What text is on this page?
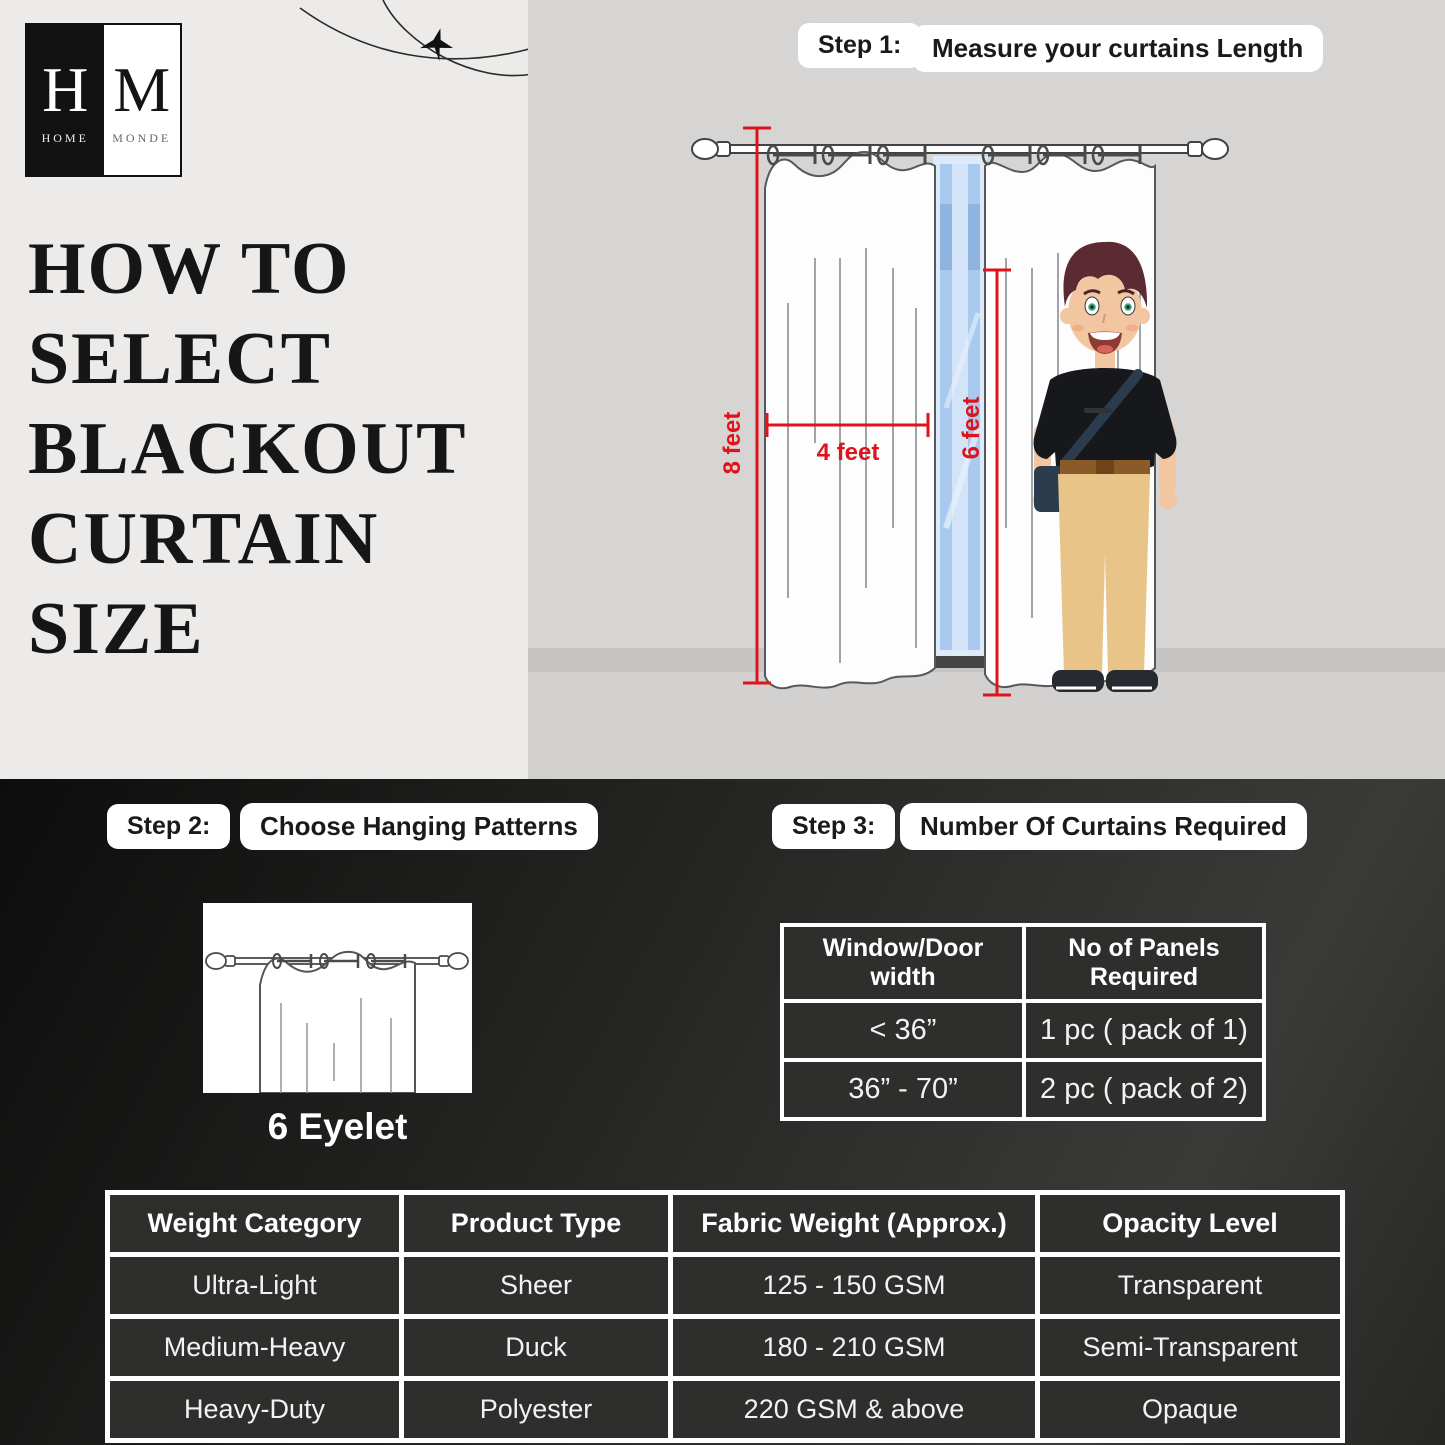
H
HOME
M
MONDE
HOW TO
SELECT
BLACKOUT
CURTAIN
SIZE
Step 1: Measure your curtains Length
8 feet	4 feet	6 feet
Step 2: Choose Hanging Patterns	Step 3: Number Of Curtains Required
6 Eyelet
Window/Door width	No of Panels Required

< 36”	1 pc ( pack of 1)
36” - 70”	2 pc ( pack of 2)
Weight Category	Product Type	Fabric Weight (Approx.)	Opacity Level
Ultra-Light	Sheer	125 - 150 GSM	Transparent
Medium-Heavy	Duck	180 - 210 GSM	Semi-Transparent
Heavy-Duty	Polyester	220 GSM & above	Opaque
